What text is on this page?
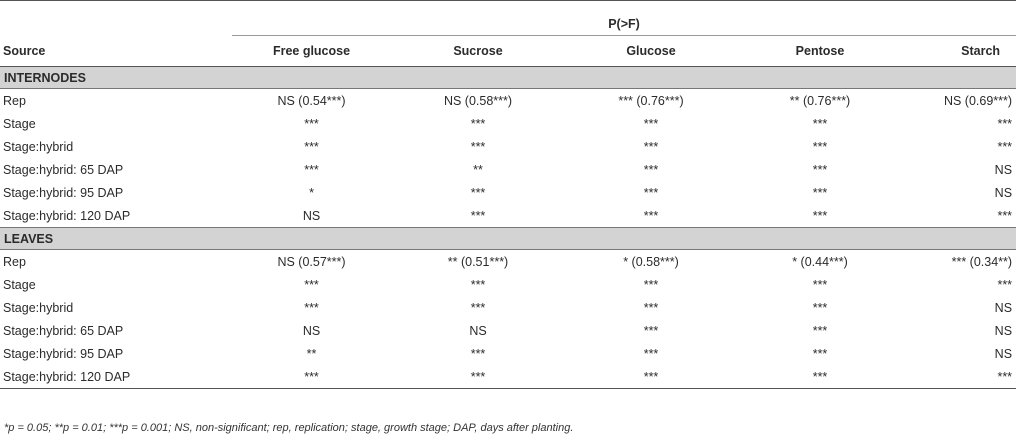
	P(>F)				
Source	Free glucose	Sucrose	Glucose	Pentose	Starch
INTERNODES					
Rep	NS (0.54***)	NS (0.58***)	*** (0.76***)	** (0.76***)	NS (0.69***)
Stage	***	***	***	***	***
Stage:hybrid	***	***	***	***	***
Stage:hybrid: 65 DAP	***	**	***	***	NS
Stage:hybrid: 95 DAP	*	***	***	***	NS
Stage:hybrid: 120 DAP	NS	***	***	***	***
LEAVES					
Rep	NS (0.57***)	** (0.51***)	* (0.58***)	* (0.44***)	*** (0.34**)
Stage	***	***	***	***	***
Stage:hybrid	***	***	***	***	NS
Stage:hybrid: 65 DAP	NS	NS	***	***	NS
Stage:hybrid: 95 DAP	**	***	***	***	NS
Stage:hybrid: 120 DAP	***	***	***	***	***
*p = 0.05; **p = 0.01; ***p = 0.001; NS, non-significant; rep, replication; stage, growth stage; DAP, days after planting.
